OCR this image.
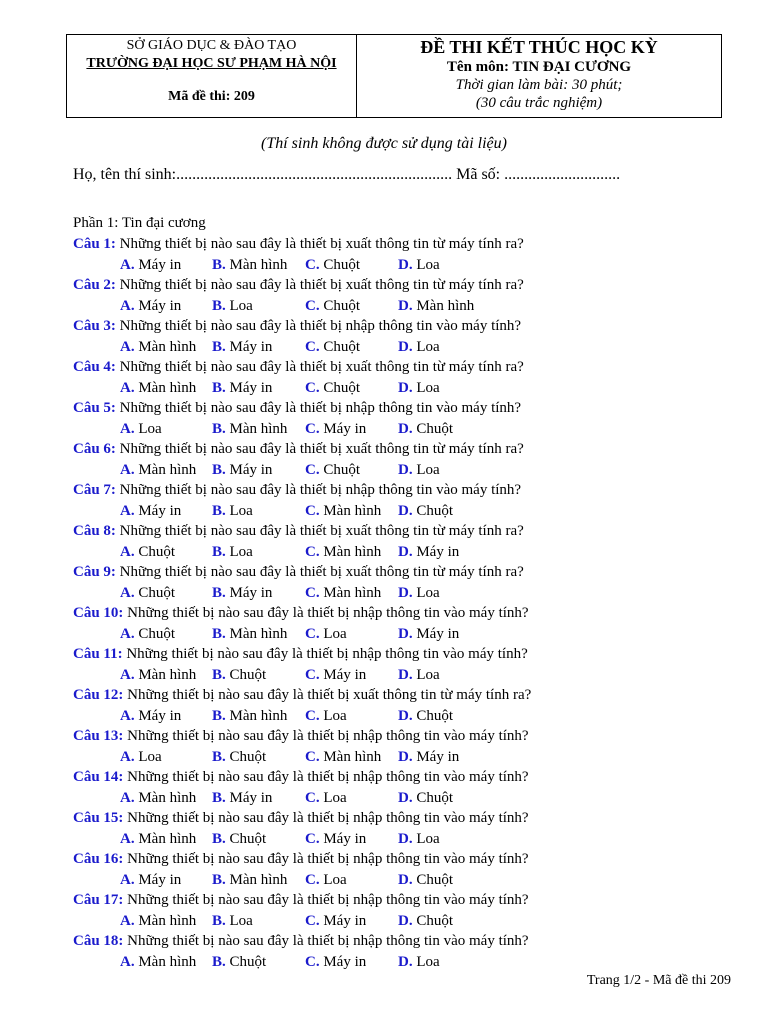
SỞ GIÁO DỤC & ĐÀO TẠO
TRƯỜNG ĐẠI HỌC SƯ PHẠM HÀ NỘI
Mã đề thi: 209
ĐỀ THI KẾT THÚC HỌC KỲ
Tên môn: TIN ĐẠI CƯƠNG
Thời gian làm bài: 30 phút;
(30 câu trắc nghiệm)
(Thí sinh không được sử dụng tài liệu)
Họ, tên thí sinh:..................................................................... Mã số: .............................
Phần 1: Tin đại cương
Câu 1: Những thiết bị nào sau đây là thiết bị xuất thông tin từ máy tính ra?
A. Máy in B. Màn hình C. Chuột	D. Loa
Câu 2: Những thiết bị nào sau đây là thiết bị xuất thông tin từ máy tính ra?
A. Máy in B. Loa	C. Chuột	D. Màn hình
Câu 3: Những thiết bị nào sau đây là thiết bị nhập thông tin vào máy tính?
A. Màn hình B. Máy in C. Chuột	D. Loa
Câu 4: Những thiết bị nào sau đây là thiết bị xuất thông tin từ máy tính ra?
A. Màn hình B. Máy in C. Chuột	D. Loa
Câu 5: Những thiết bị nào sau đây là thiết bị nhập thông tin vào máy tính?
A. Loa	B. Màn hình C. Máy in D. Chuột
Câu 6: Những thiết bị nào sau đây là thiết bị xuất thông tin từ máy tính ra?
A. Màn hình B. Máy in C. Chuột	D. Loa
Câu 7: Những thiết bị nào sau đây là thiết bị nhập thông tin vào máy tính?
A. Máy in B. Loa	C. Màn hình D. Chuột
Câu 8: Những thiết bị nào sau đây là thiết bị xuất thông tin từ máy tính ra?
A. Chuột B. Loa	C. Màn hình D. Máy in
Câu 9: Những thiết bị nào sau đây là thiết bị xuất thông tin từ máy tính ra?
A. Chuột B. Máy in C. Màn hình D. Loa
Câu 10: Những thiết bị nào sau đây là thiết bị nhập thông tin vào máy tính?
A. Chuột B. Màn hình C. Loa	D. Máy in
Câu 11: Những thiết bị nào sau đây là thiết bị nhập thông tin vào máy tính?
A. Màn hình B. Chuột	C. Máy in D. Loa
Câu 12: Những thiết bị nào sau đây là thiết bị xuất thông tin từ máy tính ra?
A. Máy in B. Màn hình C. Loa	D. Chuột
Câu 13: Những thiết bị nào sau đây là thiết bị nhập thông tin vào máy tính?
A. Loa	B. Chuột	C. Màn hình D. Máy in
Câu 14: Những thiết bị nào sau đây là thiết bị nhập thông tin vào máy tính?
A. Màn hình B. Máy in C. Loa	D. Chuột
Câu 15: Những thiết bị nào sau đây là thiết bị nhập thông tin vào máy tính?
A. Màn hình B. Chuột	C. Máy in D. Loa
Câu 16: Những thiết bị nào sau đây là thiết bị nhập thông tin vào máy tính?
A. Máy in B. Màn hình C. Loa	D. Chuột
Câu 17: Những thiết bị nào sau đây là thiết bị nhập thông tin vào máy tính?
A. Màn hình B. Loa	C. Máy in D. Chuột
Câu 18: Những thiết bị nào sau đây là thiết bị nhập thông tin vào máy tính?
A. Màn hình B. Chuột	C. Máy in D. Loa
Trang 1/2 - Mã đề thi 209
